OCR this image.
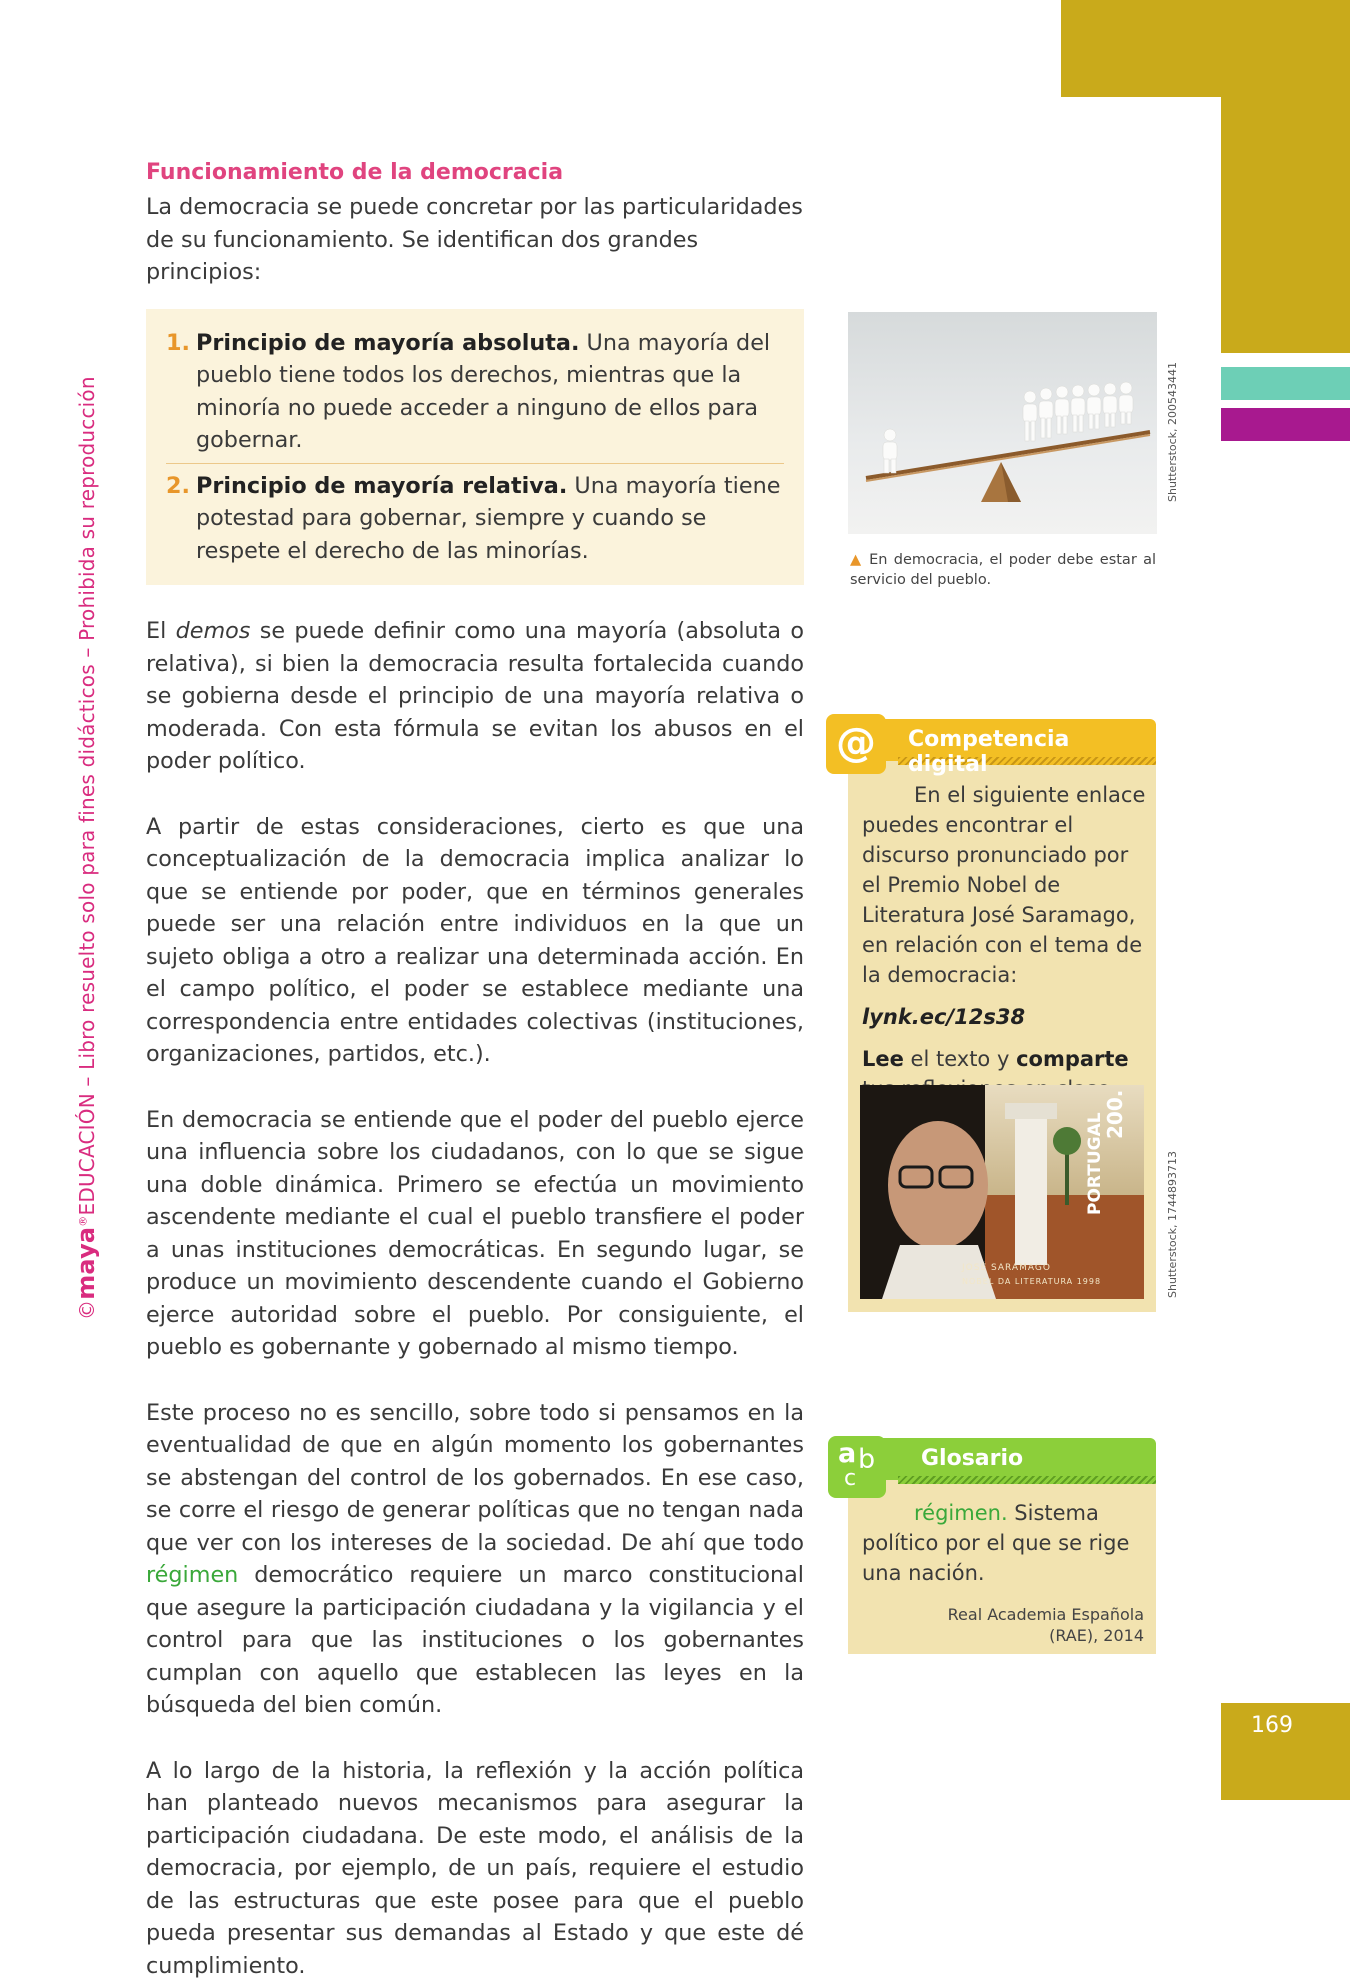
©maya®EDUCACIÓN – Libro resuelto solo para fines didácticos – Prohibida su reproducción
Funcionamiento de la democracia

La democracia se puede concretar por las particularidades de su funcionamiento. Se identifican dos grandes principios:

1. Principio de mayoría absoluta. Una mayoría del pueblo tiene todos los derechos, mientras que la minoría no puede acceder a ninguno de ellos para gobernar.
2. Principio de mayoría relativa. Una mayoría tiene potestad para gobernar, siempre y cuando se respete el derecho de las minorías.

El demos se puede definir como una mayoría (absoluta o relativa), si bien la democracia resulta fortalecida cuando se gobierna desde el principio de una mayoría relativa o moderada. Con esta fórmula se evitan los abusos en el poder político.

A partir de estas consideraciones, cierto es que una conceptualización de la democracia implica analizar lo que se entiende por poder, que en términos generales puede ser una relación entre individuos en la que un sujeto obliga a otro a realizar una determinada acción. En el campo político, el poder se establece mediante una correspondencia entre entidades colectivas (instituciones, organizaciones, partidos, etc.).

En democracia se entiende que el poder del pueblo ejerce una influencia sobre los ciudadanos, con lo que se sigue una doble dinámica. Primero se efectúa un movimiento ascendente mediante el cual el pueblo transfiere el poder a unas instituciones democráticas. En segundo lugar, se produce un movimiento descendente cuando el Gobierno ejerce autoridad sobre el pueblo. Por consiguiente, el pueblo es gobernante y gobernado al mismo tiempo.

Este proceso no es sencillo, sobre todo si pensamos en la eventualidad de que en algún momento los gobernantes se abstengan del control de los gobernados. En ese caso, se corre el riesgo de generar políticas que no tengan nada que ver con los intereses de la sociedad. De ahí que todo régimen democrático requiere un marco constitucional que asegure la participación ciudadana y la vigilancia y el control para que las instituciones o los gobernantes cumplan con aquello que establecen las leyes en la búsqueda del bien común.

A lo largo de la historia, la reflexión y la acción política han planteado nuevos mecanismos para asegurar la participación ciudadana. De este modo, el análisis de la democracia, por ejemplo, de un país, requiere el estudio de las estructuras que este posee para que el pueblo pueda presentar sus demandas al Estado y que este dé cumplimiento.

Shutterstock, 200543441
▲ En democracia, el poder debe estar al servicio del pueblo.
@	Competencia digital

En el siguiente enlace puedes encontrar el discurso pronunciado por el Premio Nobel de Literatura José Saramago, en relación con el tema de la democracia:

lynk.ec/12s38

Lee el texto y comparte

PORTUGAL
200.
JOSÉ SARAMAGO
NOBEL DA LITERATURA 1998	Shutterstock, 1744893713
a b
c
Glosario

régimen. Sistema político por el que se rige una nación.

Real Academia Española
(RAE), 2014
169
